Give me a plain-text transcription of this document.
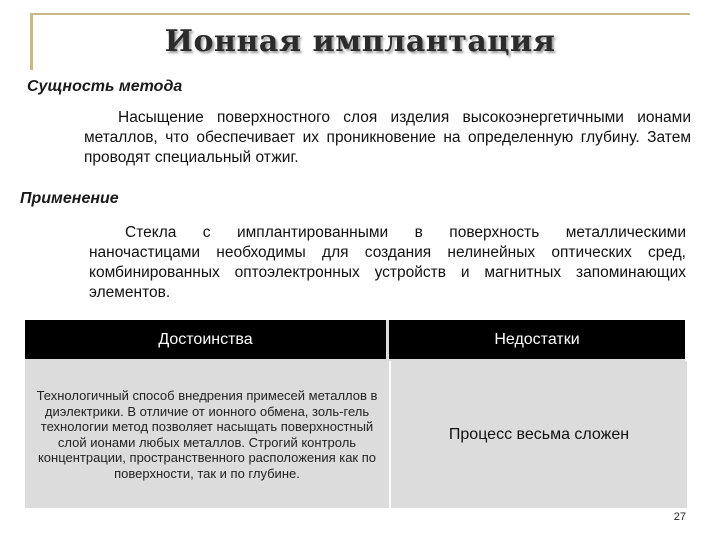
Ионная имплантация
Сущность метода
Насыщение поверхностного слоя изделия высокоэнергетичными ионами металлов, что обеспечивает их проникновение на определенную глубину. Затем проводят специальный отжиг.
Применение
Стекла с имплантированными в поверхность металлическими наночастицами необходимы для создания нелинейных оптических сред, комбинированных оптоэлектронных устройств и магнитных запоминающих элементов.
Достоинства	Недостатки
Технологичный способ внедрения примесей металлов в диэлектрики. В отличие от ионного обмена, золь-гель технологии метод позволяет насыщать поверхностный слой ионами любых металлов. Строгий контроль концентрации, пространственного расположения как по поверхности, так и по глубине.
Процесс весьма сложен
27
